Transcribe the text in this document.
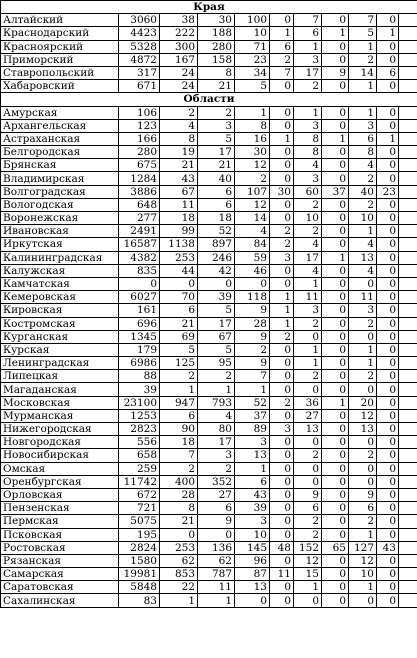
Края										
Алтайский	3060	38	30	100	0	7	0	7	0	
Краснодарский	4423	222	188	10	1	6	1	5	1	
Красноярский	5328	300	280	71	6	1	0	1	0	
Приморский	4872	167	158	23	2	3	0	2	0	
Ставропольский	317	24	8	34	7	17	9	14	6	
Хабаровский	671	24	21	5	0	2	0	1	0	
Области										
Амурская	106	2	2	1	0	1	0	1	0	
Архангельская	123	4	3	8	0	3	0	3	0	
Астраханская	166	8	5	16	1	8	1	6	1	
Белгородская	280	19	17	30	0	8	0	8	0	
Брянская	675	21	21	12	0	4	0	4	0	
Владимирская	1284	43	40	2	0	3	0	2	0	
Волгоградская	3886	67	6	107	30	60	37	40	23	
Вологодская	648	11	6	12	0	2	0	2	0	
Воронежская	277	18	18	14	0	10	0	10	0	
Ивановская	2491	99	52	4	2	2	0	1	0	
Иркутская	16587	1138	897	84	2	4	0	4	0	
Калининградская	4382	253	246	59	3	17	1	13	0	
Калужская	835	44	42	46	0	4	0	4	0	
Камчатская	0	0	0	0	0	1	0	0	0	
Кемеровская	6027	70	39	118	1	11	0	11	0	
Кировская	161	6	5	9	1	3	0	3	0	
Костромская	696	21	17	28	1	2	0	2	0	
Курганская	1345	69	67	9	2	0	0	0	0	
Курская	179	5	5	2	0	1	0	1	0	
Ленинградская	6986	125	95	9	0	1	0	1	0	
Липецкая	88	2	2	7	0	2	0	2	0	
Магаданская	39	1	1	1	0	0	0	0	0	
Московская	23100	947	793	52	2	36	1	20	0	
Мурманская	1253	6	4	37	0	27	0	12	0	
Нижегородская	2823	90	80	89	3	13	0	13	0	
Новгородская	556	18	17	3	0	0	0	0	0	
Новосибирская	658	7	3	13	0	2	0	2	0	
Омская	259	2	2	1	0	0	0	0	0	
Оренбургская	11742	400	352	6	0	0	0	0	0	
Орловская	672	28	27	43	0	9	0	9	0	
Пензенская	721	8	6	39	0	6	0	6	0	
Пермская	5075	21	9	3	0	2	0	2	0	
Псковская	195	0	0	10	0	2	0	1	0	
Ростовская	2824	253	136	145	48	152	65	127	43	
Рязанская	1580	62	62	96	0	12	0	12	0	
Самарская	19981	853	787	87	11	15	0	10	0	
Саратовская	5848	22	11	13	0	1	0	1	0	
Сахалинская	83	1	1	0	0	0	0	0	0	
